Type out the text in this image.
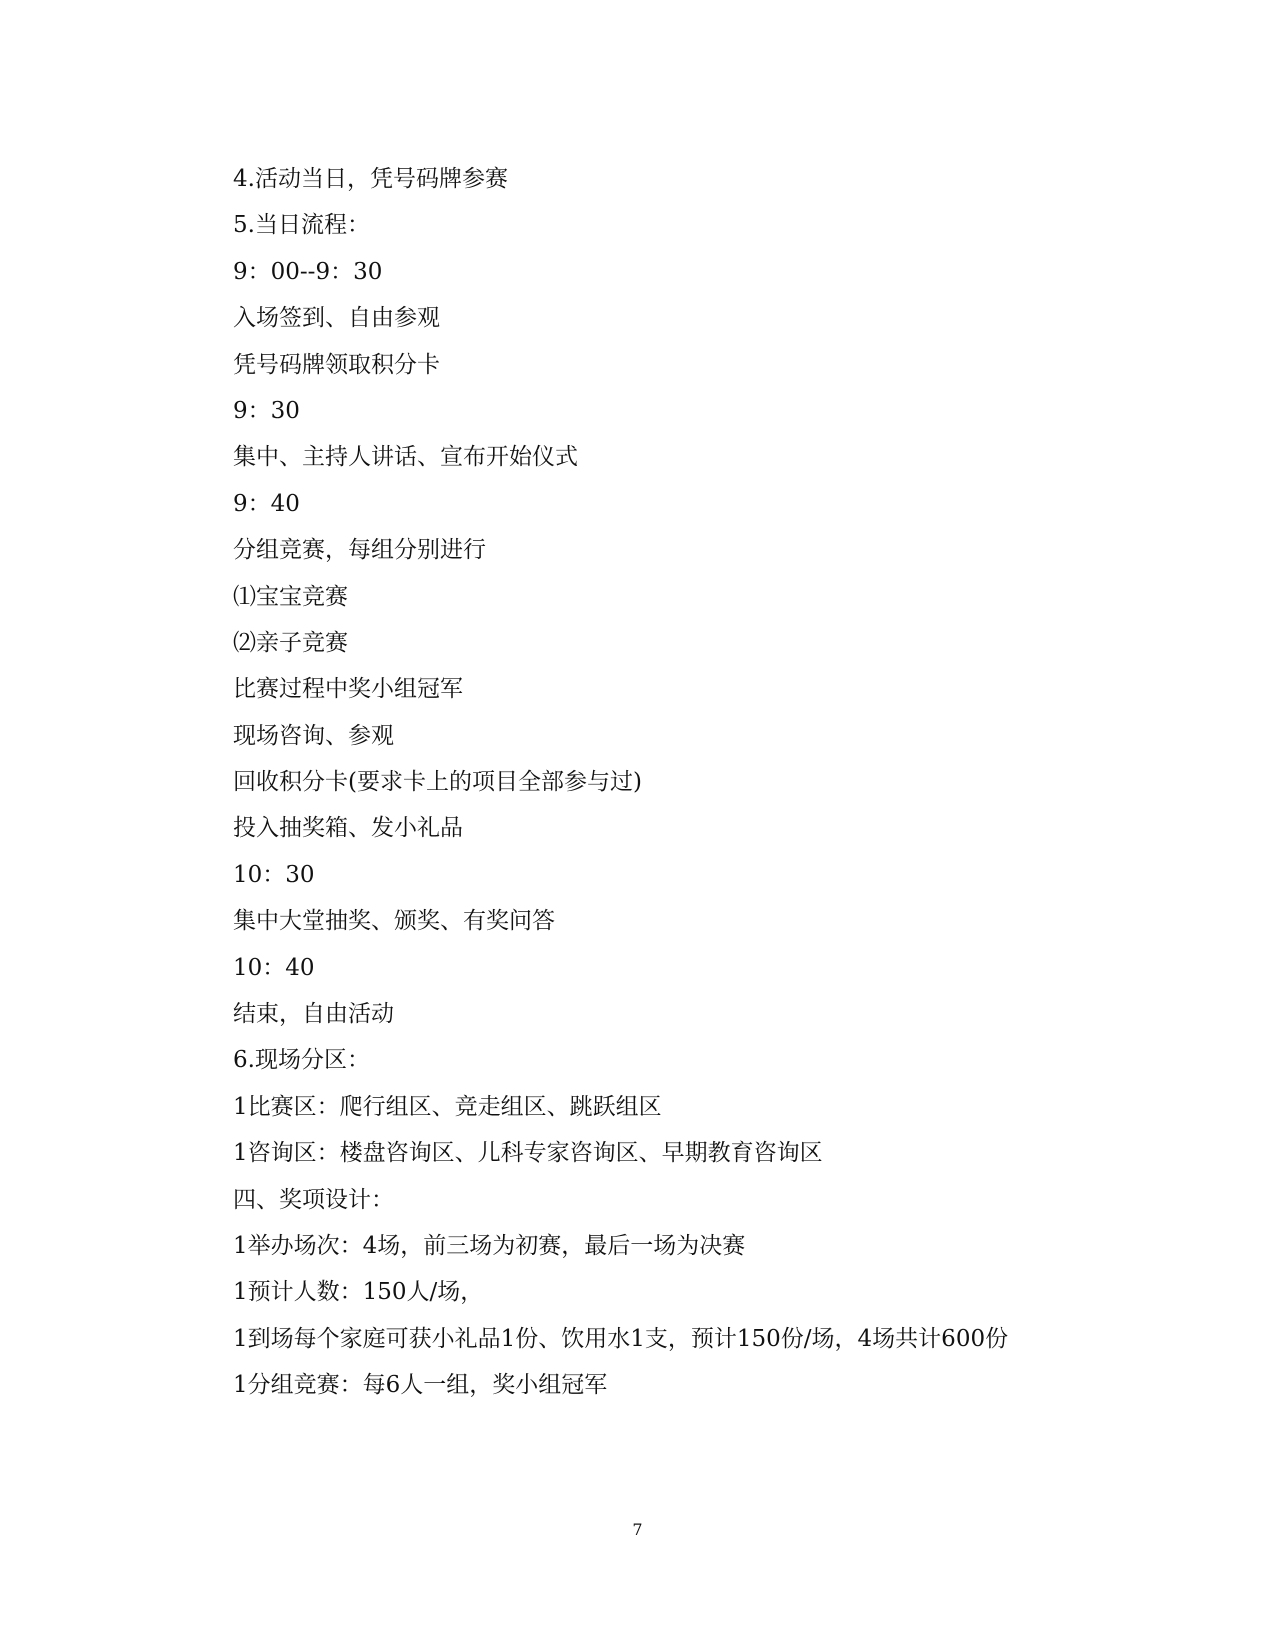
4.活动当日，凭号码牌参赛
5.当日流程：
9：00--9：30
入场签到、自由参观
凭号码牌领取积分卡
9：30
集中、主持人讲话、宣布开始仪式
9：40
分组竞赛，每组分别进行
⑴宝宝竞赛
⑵亲子竞赛
比赛过程中奖小组冠军
现场咨询、参观
回收积分卡(要求卡上的项目全部参与过)
投入抽奖箱、发小礼品
10：30
集中大堂抽奖、颁奖、有奖问答
10：40
结束，自由活动
6.现场分区：
1比赛区：爬行组区、竞走组区、跳跃组区
1咨询区：楼盘咨询区、儿科专家咨询区、早期教育咨询区
四、奖项设计：
1举办场次：4场，前三场为初赛，最后一场为决赛
1预计人数：150人/场，
1到场每个家庭可获小礼品1份、饮用水1支，预计150份/场，4场共计600份
1分组竞赛：每6人一组，奖小组冠军
7
